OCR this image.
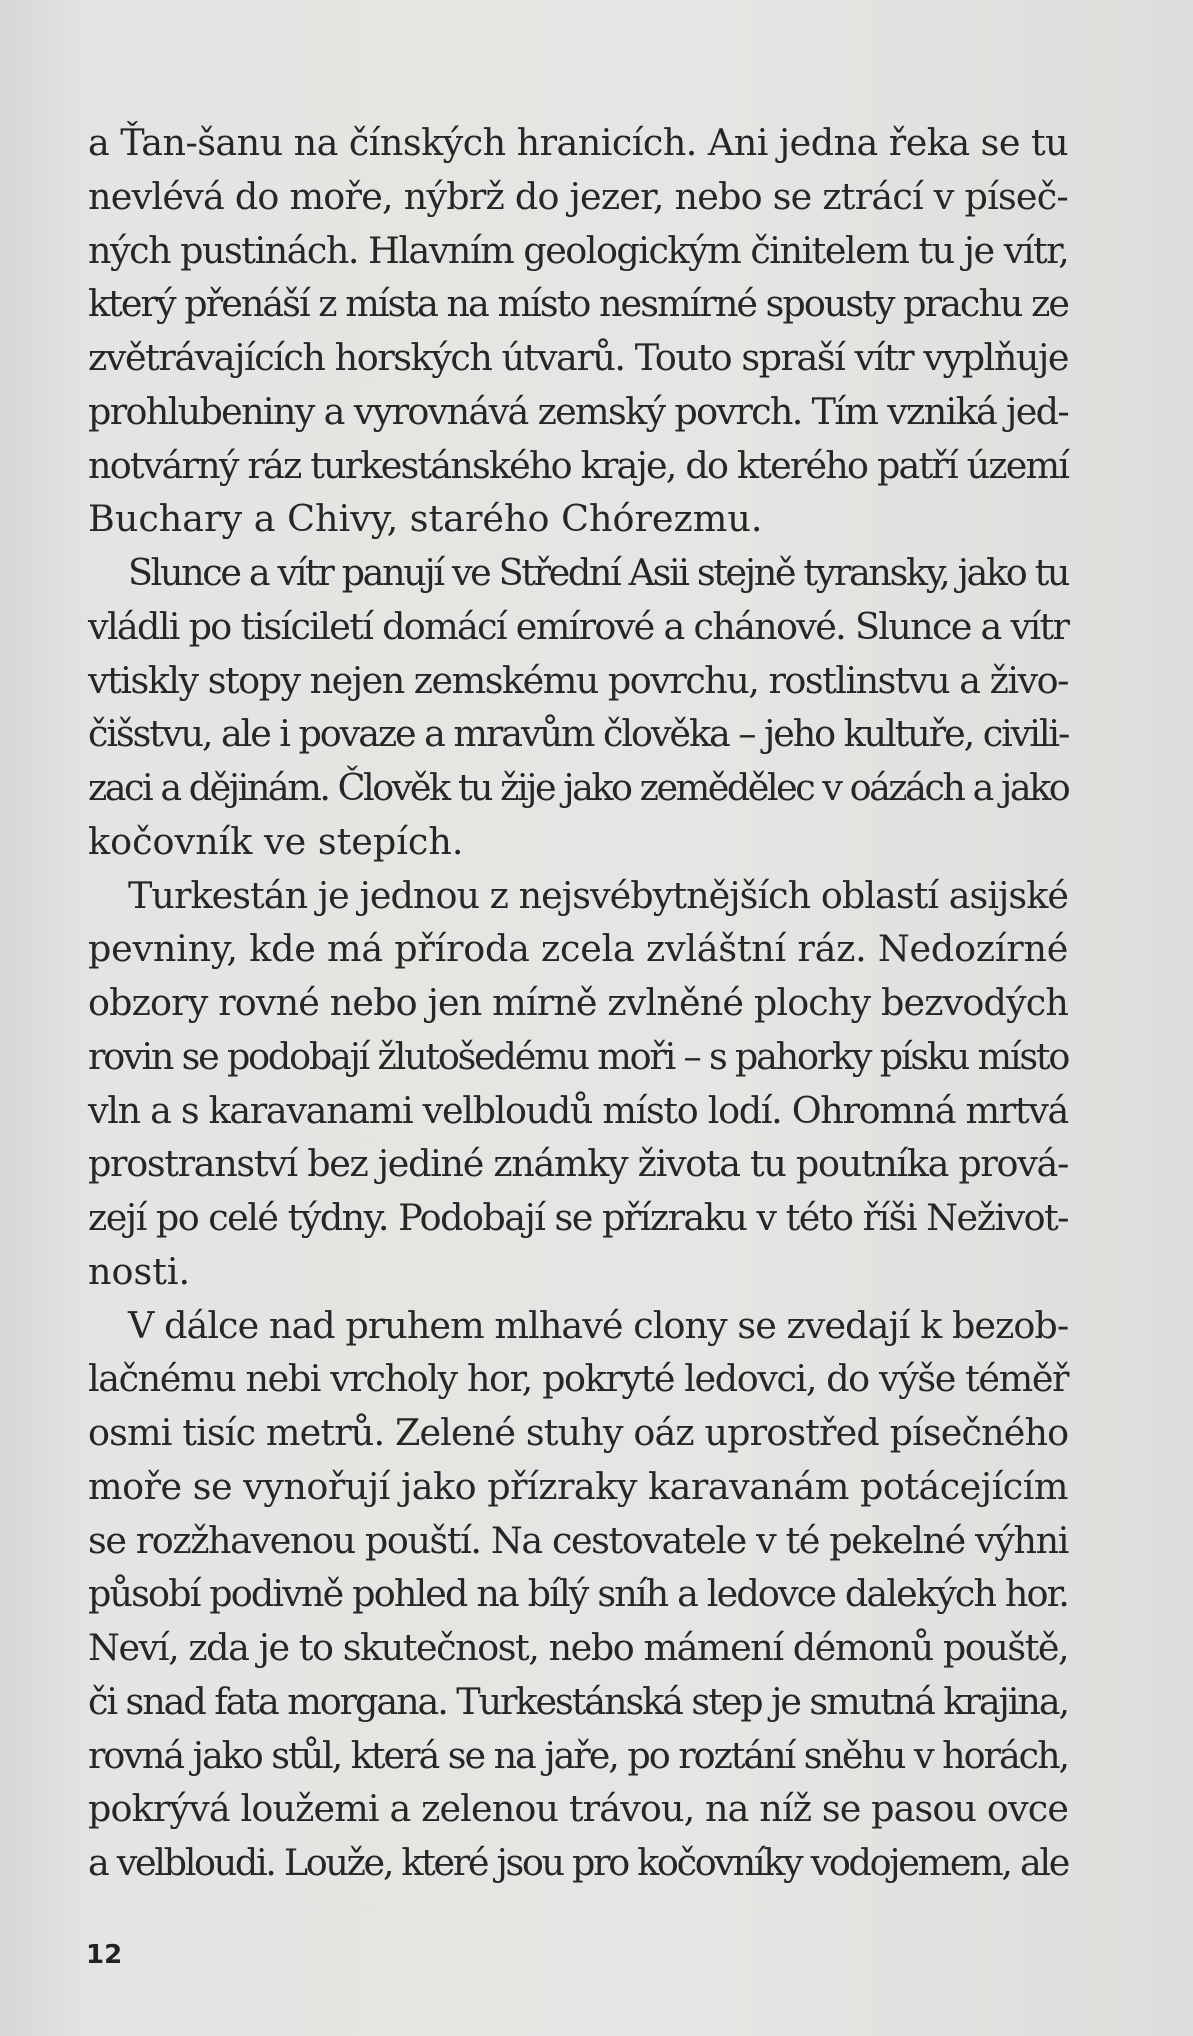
a Ťan-šanu na čínských hranicích. Ani jedna řeka se tu
nevlévá do moře, nýbrž do jezer, nebo se ztrácí v píseč-
ných pustinách. Hlavním geologickým činitelem tu je vítr,
který přenáší z místa na místo nesmírné spousty prachu ze
zvětrávajících horských útvarů. Touto spraší vítr vyplňuje
prohlubeniny a vyrovnává zemský povrch. Tím vzniká jed-
notvárný ráz turkestánského kraje, do kterého patří území
Buchary a Chivy, starého Chórezmu.
Slunce a vítr panují ve Střední Asii stejně tyransky, jako tu
vládli po tisíciletí domácí emírové a chánové. Slunce a vítr
vtiskly stopy nejen zemskému povrchu, rostlinstvu a živo-
čišstvu, ale i povaze a mravům člověka – jeho kultuře, civili-
zaci a dějinám. Člověk tu žije jako zemědělec v oázách a jako
kočovník ve stepích.
Turkestán je jednou z nejsvébytnějších oblastí asijské
pevniny, kde má příroda zcela zvláštní ráz. Nedozírné
obzory rovné nebo jen mírně zvlněné plochy bezvodých
rovin se podobají žlutošedému moři – s pahorky písku místo
vln a s karavanami velbloudů místo lodí. Ohromná mrtvá
prostranství bez jediné známky života tu poutníka prová-
zejí po celé týdny. Podobají se přízraku v této říši Neživot-
nosti.
V dálce nad pruhem mlhavé clony se zvedají k bezob-
lačnému nebi vrcholy hor, pokryté ledovci, do výše téměř
osmi tisíc metrů. Zelené stuhy oáz uprostřed písečného
moře se vynořují jako přízraky karavanám potácejícím
se rozžhavenou pouští. Na cestovatele v té pekelné výhni
působí podivně pohled na bílý sníh a ledovce dalekých hor.
Neví, zda je to skutečnost, nebo mámení démonů pouště,
či snad fata morgana. Turkestánská step je smutná krajina,
rovná jako stůl, která se na jaře, po roztání sněhu v horách,
pokrývá loužemi a zelenou trávou, na níž se pasou ovce
a velbloudi. Louže, které jsou pro kočovníky vodojemem, ale
12
